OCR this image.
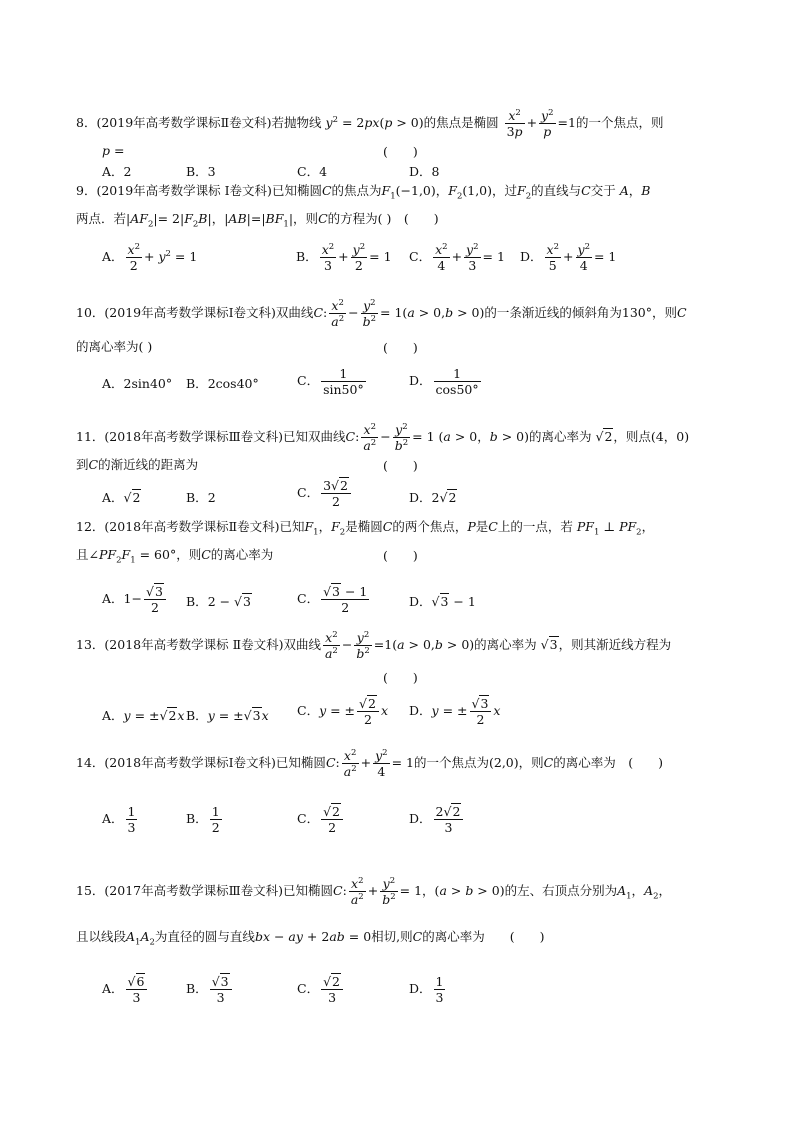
8．(2019年高考数学课标Ⅱ卷文科)若抛物线 $y^2 = 2px(p > 0)$的焦点是椭圆 $\frac{x^2}{3p} + \frac{y^2}{p} =1$的一个焦点，则
p =	(　　)
A．2	B．3	C．4	D．8
9．(2019年高考数学课标 Ⅰ卷文科)已知椭圆C的焦点为$F_1(-1,0)$，$F_2(1,0)$，过$F_2$的直线与C交于 A，B
两点．若$|AF_2|= 2|F_2B|$，$|AB|=|BF_1|$，则C的方程为( )　 (　　)
A． $\frac{x^2}{2} + y^2 = 1$	B． $\frac{x^2}{3} + \frac{y^2}{2} = 1$ C． $\frac{x^2}{4} + \frac{y^2}{3} = 1$ D． $\frac{x^2}{5} + \frac{y^2}{4} = 1$
10．(2019年高考数学课标Ⅰ卷文科)双曲线C: $\frac{x^2}{a^2} - \frac{y^2}{b^2} = 1(a > 0,b > 0)$的一条渐近线的倾斜角为130°，则C
的离心率为( )	(　　)
A．2sin40° B．2cos40°	C． $\frac{1}{\sin 50^\circ}$	D． $\frac{1}{\cos 50^\circ}$
11．(2018年高考数学课标Ⅲ卷文科)已知双曲线C: $\frac{x^2}{a^2} - \frac{y^2}{b^2} = 1$ (a > 0，b > 0)的离心率为 √2，则点(4，0)
到C的渐近线的距离为	(　　)
A．√2	B．2	C． $\frac{3√2}{2}$	D．2√2
12．(2018年高考数学课标Ⅱ卷文科)已知$F_1$，$F_2$是椭圆C的两个焦点，P是C上的一点，若 $PF_1$ ⊥ $PF_2$，
且$\angle PF_2F_1 = 60^\circ$，则C的离心率为	(　　)
A．$1- \frac{√3}{2}$ B．2 − √3	C． $\frac{√3 - 1}{2}$	D．√3 − 1
13．(2018年高考数学课标 Ⅱ卷文科)双曲线 $\frac{x^2}{a^2} - \frac{y^2}{b^2} =1(a > 0,b > 0)$的离心率为 √3，则其渐近线方程为
(　　)
A．y = ±√2x B．y = ±√3x C．y = ± $\frac{√2}{2}$ x D．y = ± $\frac{√3}{2}$ x
14．(2018年高考数学课标Ⅰ卷文科)已知椭圆C: $\frac{x^2}{a^2} + \frac{y^2}{4} = 1$的一个焦点为(2,0)，则C的离心率为　 (　　)
A． $\frac{1}{3}$	B． $\frac{1}{2}$	C． $\frac{√2}{2}$	D． $\frac{2√2}{3}$
15．(2017年高考数学课标Ⅲ卷文科)已知椭圆C: $\frac{x^2}{a^2} + \frac{y^2}{b^2} = 1$，(a > b > 0)的左、右顶点分别为$A_1$，$A_2$，
且以线段$A_1A_2$为直径的圆与直线bx − ay + 2ab = 0相切,则C的离心率为　　 (　　)
A． $\frac{√6}{3}$	B． $\frac{√3}{3}$	C． $\frac{√2}{3}$	D． $\frac{1}{3}$
